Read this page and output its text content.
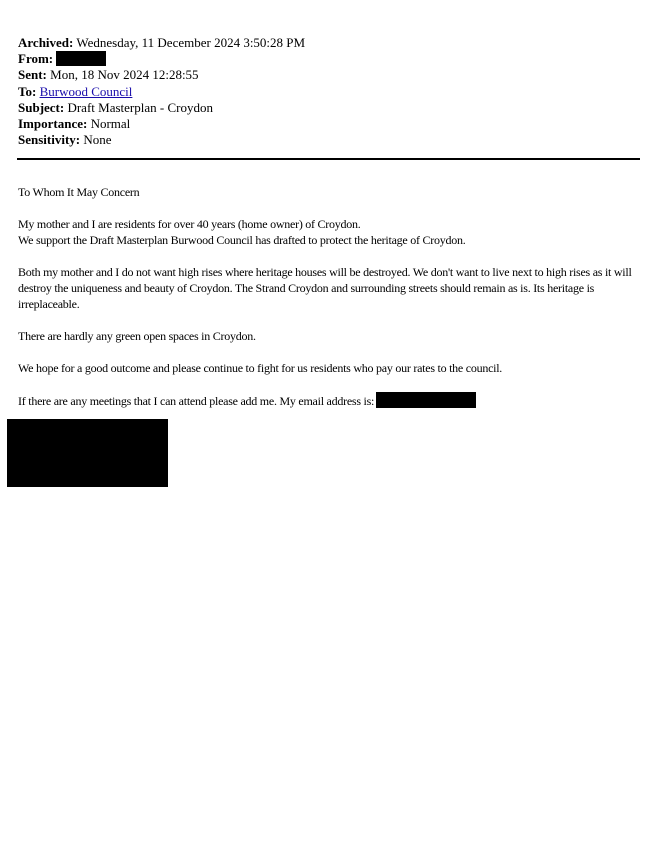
Archived: Wednesday, 11 December 2024 3:50:28 PM
From:
Sent: Mon, 18 Nov 2024 12:28:55
To: Burwood Council
Subject: Draft Masterplan - Croydon
Importance: Normal
Sensitivity: None

To Whom It May Concern

My mother and I are residents for over 40 years (home owner) of Croydon.

We support the Draft Masterplan Burwood Council has drafted to protect the heritage of Croydon.

Both my mother and I do not want high rises where heritage houses will be destroyed. We don't want to live next to high rises as it will destroy the uniqueness and beauty of Croydon. The Strand Croydon and surrounding streets should remain as is. Its heritage is irreplaceable.

There are hardly any green open spaces in Croydon.

We hope for a good outcome and please continue to fight for us residents who pay our rates to the council.

If there are any meetings that I can attend please add me. My email address is:
